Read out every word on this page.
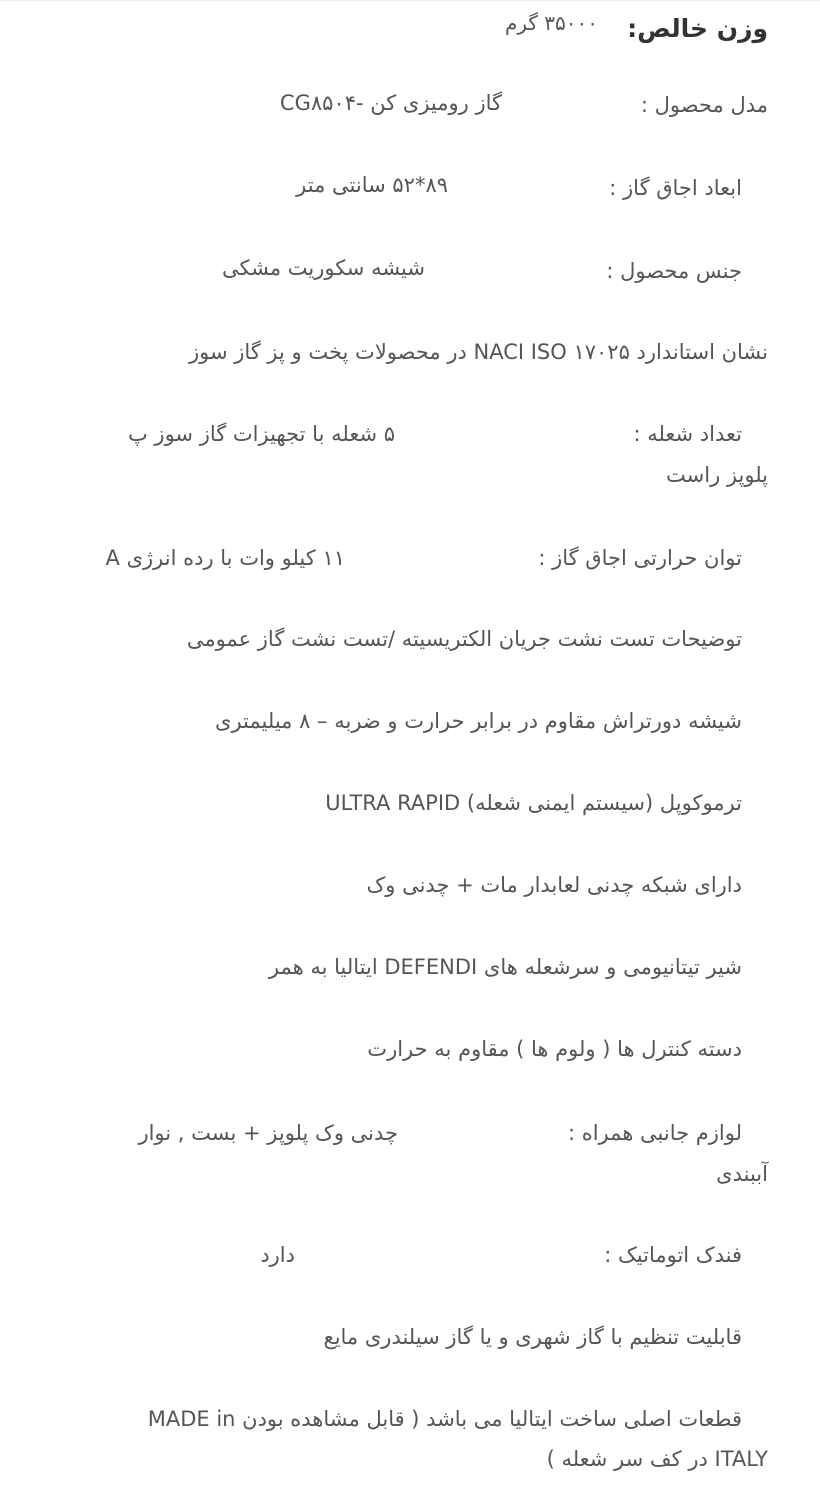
وزن خالص:
۳۵۰۰۰ گرم
مدل محصول :
گاز رومیزی کن -CG۸۵۰۴
ابعاد اجاق گاز :
۸۹*۵۲ سانتی متر
جنس محصول :
شیشه سکوریت مشکی
نشان استاندارد NACI ISO ۱۷۰۲۵ در محصولات پخت و پز گاز سوز
تعداد شعله :
۵ شعله با تجهیزات گاز سوز پ
پلوپز راست
توان حرارتی اجاق گاز :
۱۱ کیلو وات با رده انرژی A
توضیحات تست نشت جریان الکتریسیته /تست نشت گاز عمومی
شیشه دورتراش مقاوم در برابر حرارت و ضربه – ۸ میلیمتری
ترموکوپل (سیستم ایمنی شعله) ULTRA RAPID
دارای شبکه چدنی لعابدار مات + چدنی وک
شیر تیتانیومی و سرشعله های DEFENDI ایتالیا به همر
دسته کنترل ها ( ولوم ها ) مقاوم به حرارت
لوازم جانبی همراه :
چدنی وک پلوپز + بست , نوار
آببندی
فندک اتوماتیک :
دارد
قابلیت تنظیم با گاز شهری و یا گاز سیلندری مایع
قطعات اصلی ساخت ایتالیا می باشد ( قابل مشاهده بودن MADE in
ITALY در کف سر شعله )
